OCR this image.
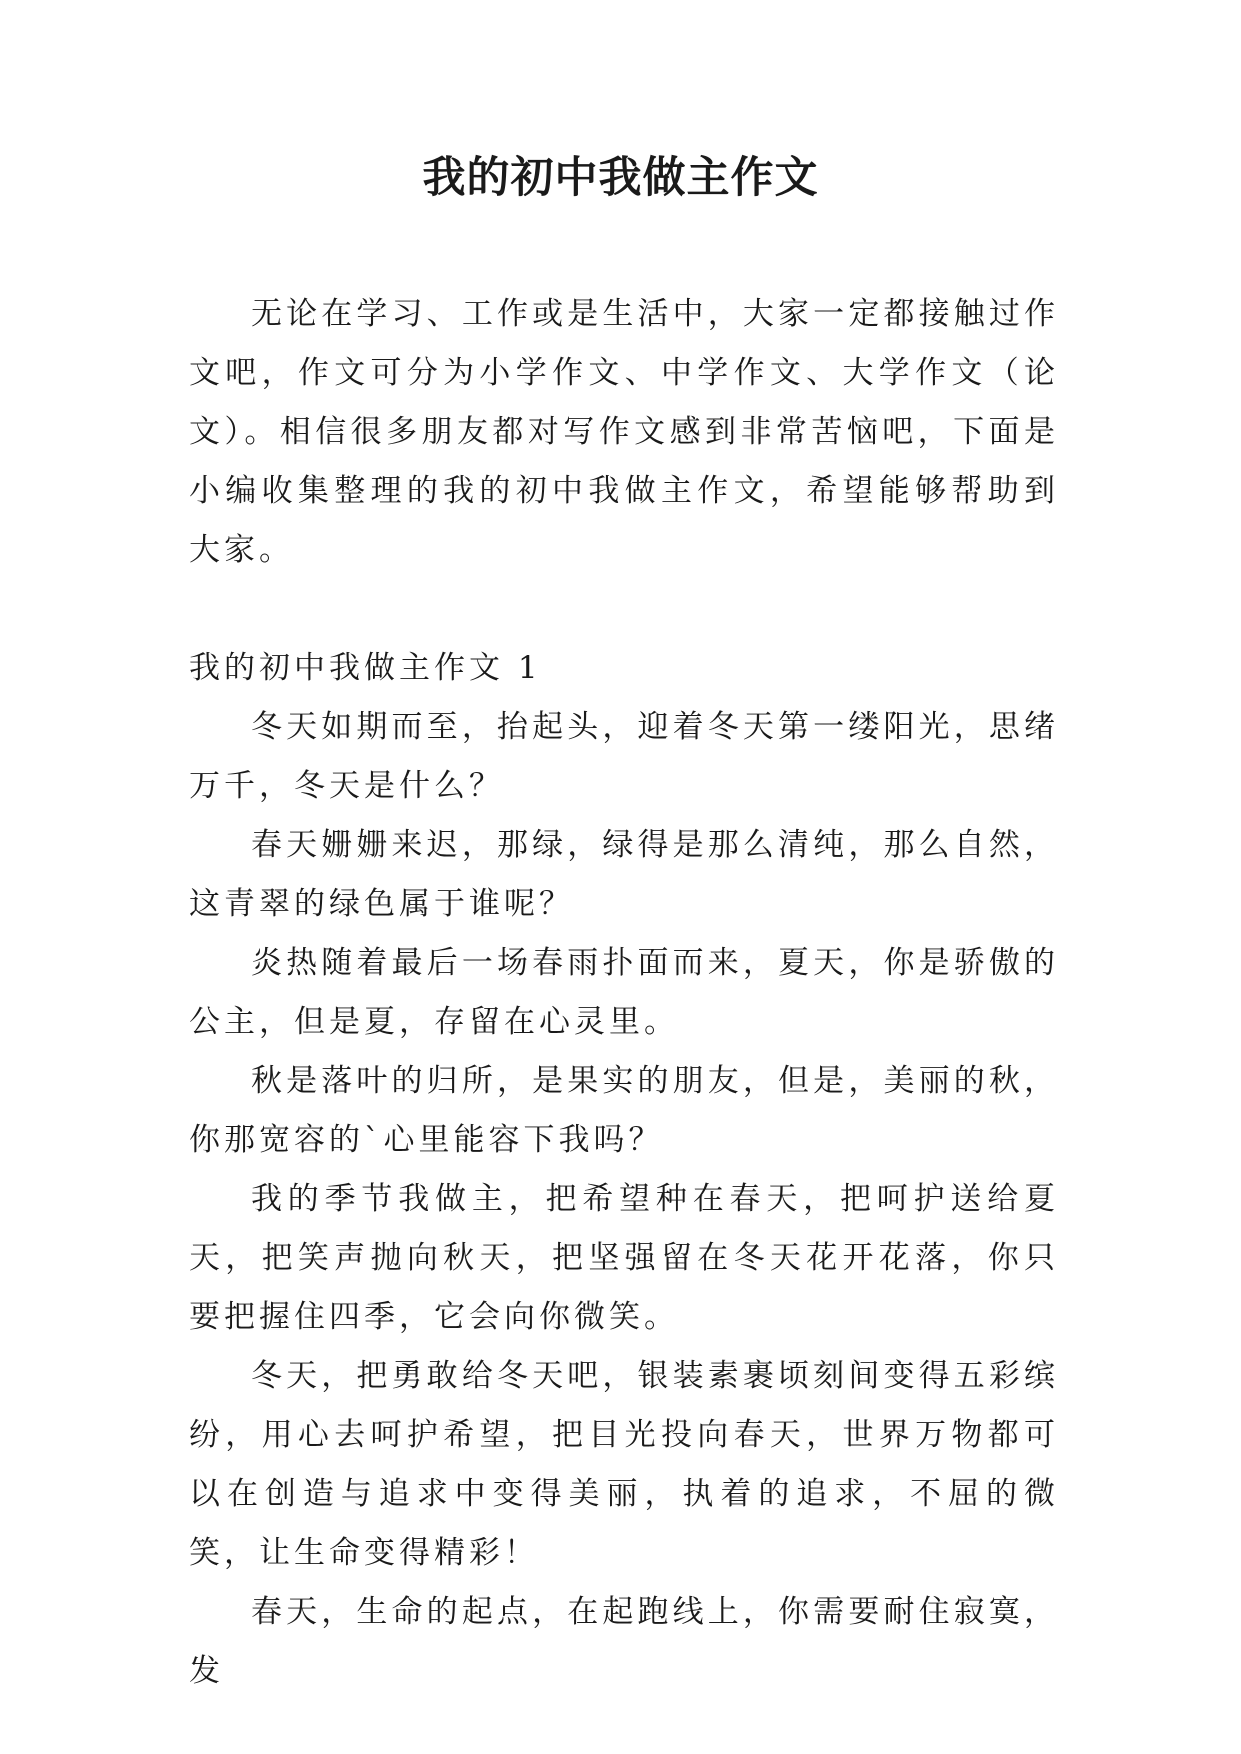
我的初中我做主作文

无论在学习、工作或是生活中，大家一定都接触过作文吧，作文可分为小学作文、中学作文、大学作文（论文）。相信很多朋友都对写作文感到非常苦恼吧，下面是小编收集整理的我的初中我做主作文，希望能够帮助到大家。

我的初中我做主作文 1

冬天如期而至，抬起头，迎着冬天第一缕阳光，思绪万千，冬天是什么？

春天姗姗来迟，那绿，绿得是那么清纯，那么自然，这青翠的绿色属于谁呢？

炎热随着最后一场春雨扑面而来，夏天，你是骄傲的公主，但是夏，存留在心灵里。

秋是落叶的归所，是果实的朋友，但是，美丽的秋，你那宽容的`心里能容下我吗？

我的季节我做主，把希望种在春天，把呵护送给夏天，把笑声抛向秋天，把坚强留在冬天花开花落，你只要把握住四季，它会向你微笑。

冬天，把勇敢给冬天吧，银装素裹顷刻间变得五彩缤纷，用心去呵护希望，把目光投向春天，世界万物都可以在创造与追求中变得美丽，执着的追求，不屈的微笑，让生命变得精彩！

春天，生命的起点，在起跑线上，你需要耐住寂寞，发
